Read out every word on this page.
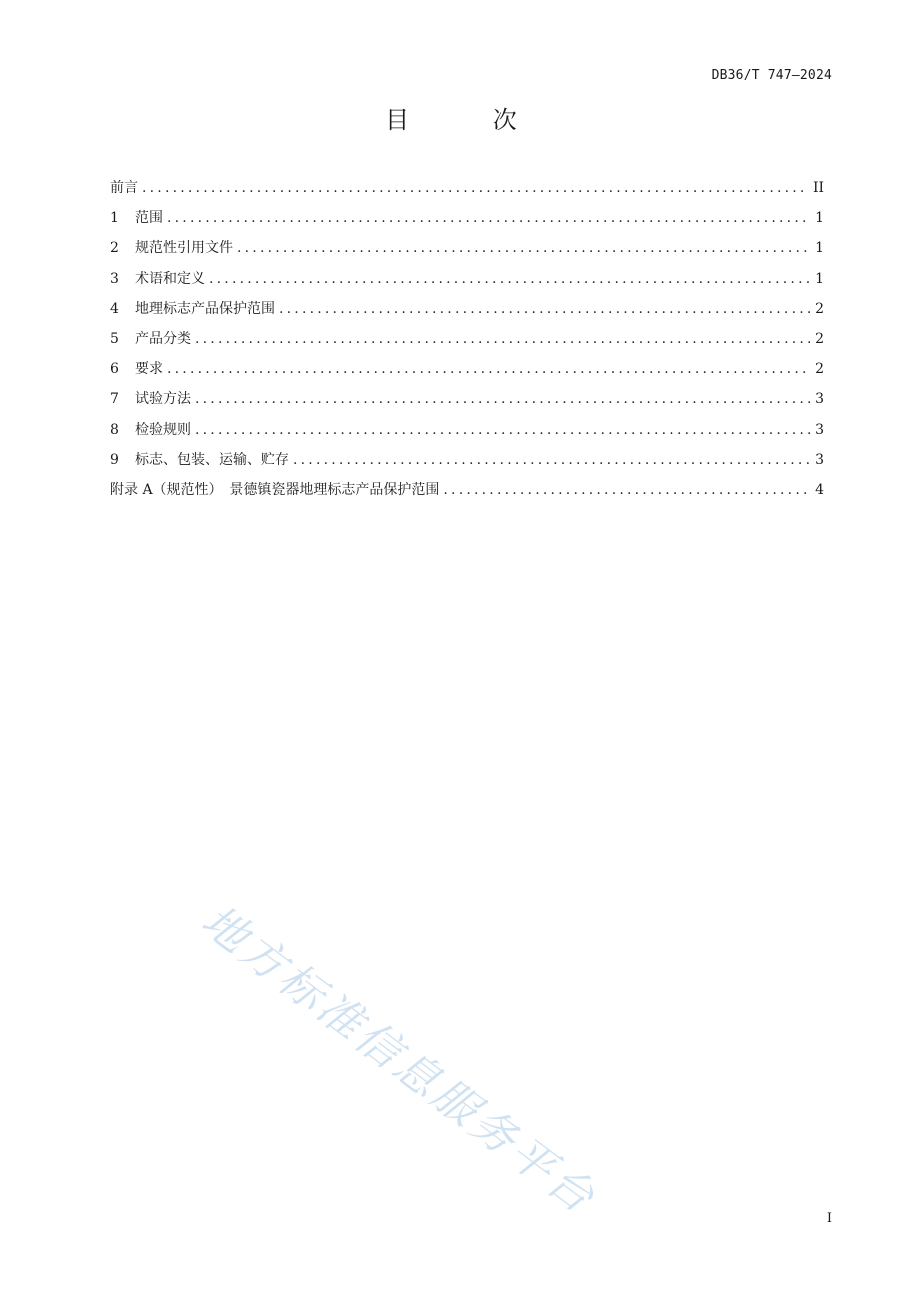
DB36/T 747—2024
目 次
前言 .....	II
1	范围 .....	1
2	规范性引用文件 .....	1
3	术语和定义 .....	1
4	地理标志产品保护范围 .....	2
5	产品分类 .....	2
6	要求 .....	2
7	试验方法 .....	3
8	检验规则 .....	3
9	标志、包装、运输、贮存 .....	3
附录 A（规范性） 景德镇瓷器地理标志产品保护范围 .....	4
地方标准信息服务平台	I
